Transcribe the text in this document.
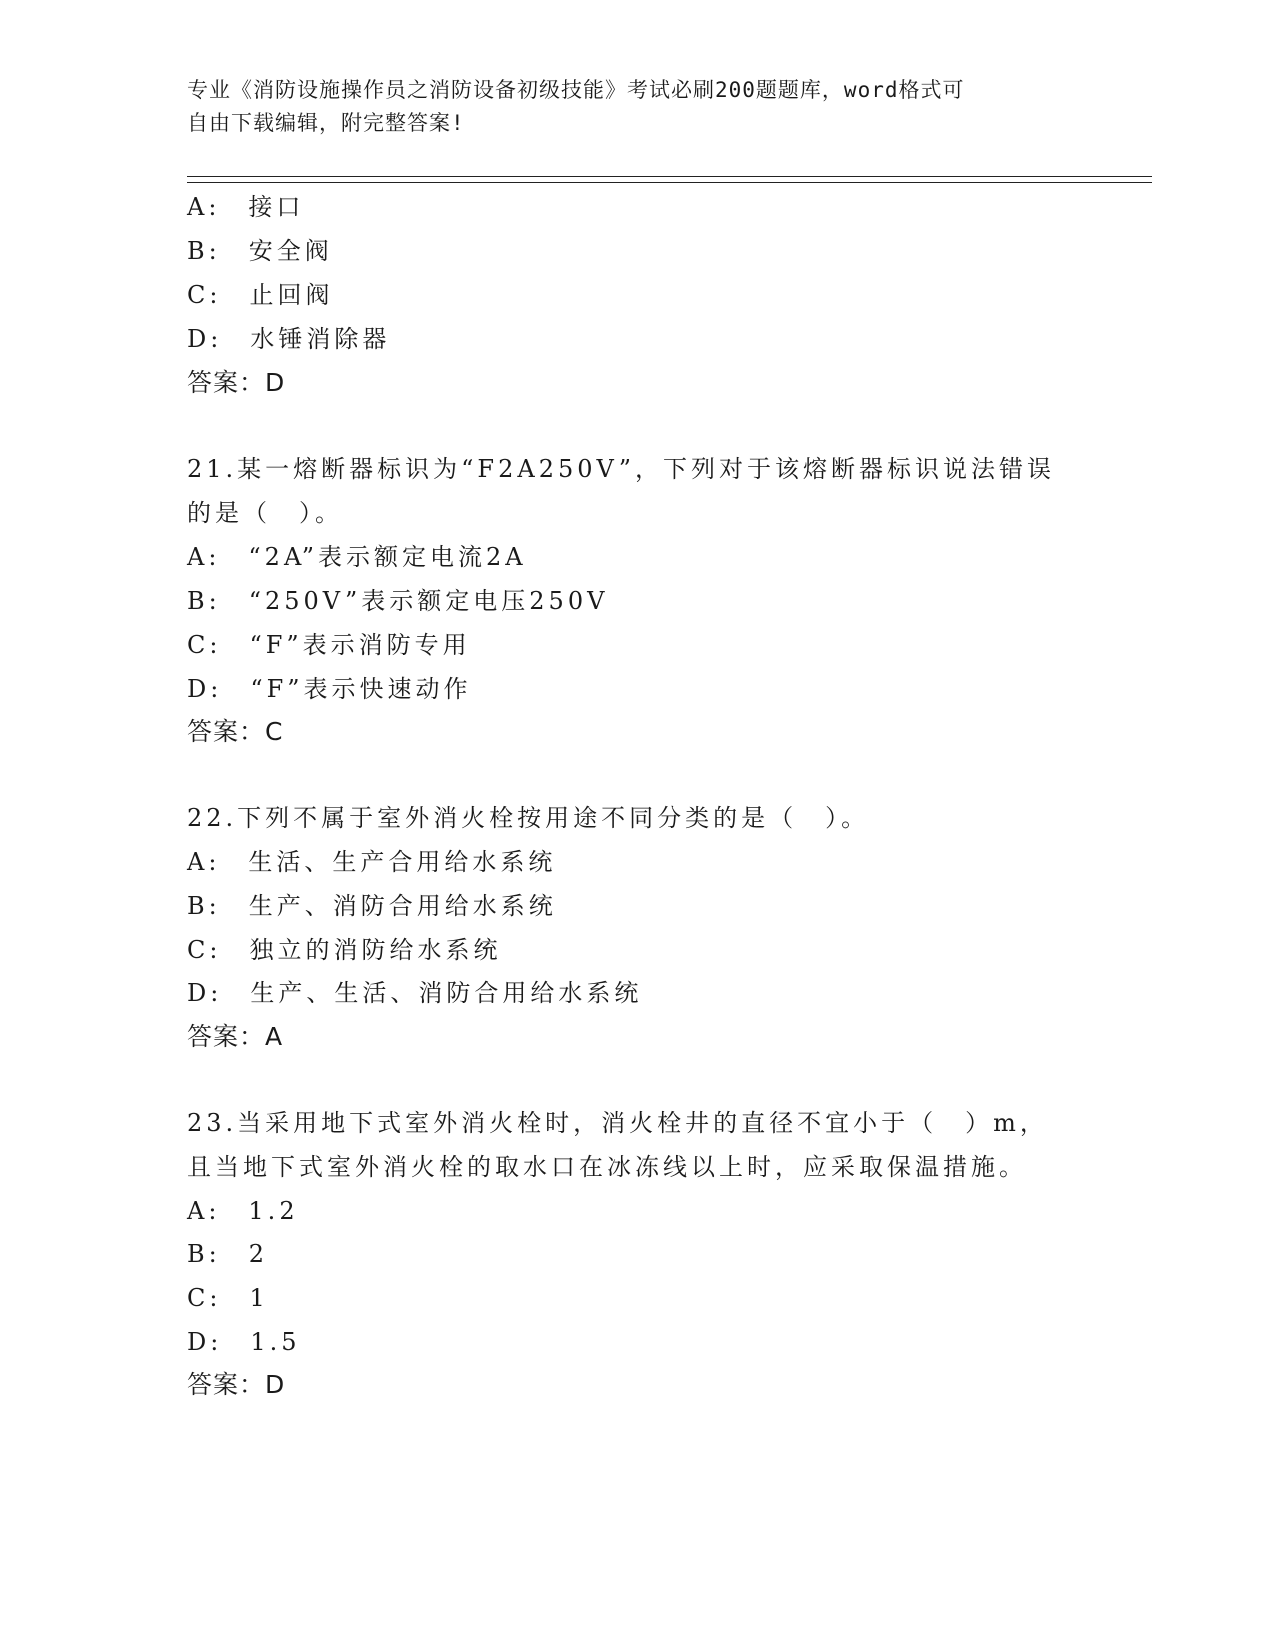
专业《消防设施操作员之消防设备初级技能》考试必刷200题题库，word格式可
自由下载编辑，附完整答案!
A:　接口
B:　安全阀
C:　止回阀
D:　水锤消除器
答案：D
21.某一熔断器标识为“F2A250V”，下列对于该熔断器标识说法错误
的是（　）。
A:　“2A”表示额定电流2A
B:　“250V”表示额定电压250V
C:　“F”表示消防专用
D:　“F”表示快速动作
答案：C
22.下列不属于室外消火栓按用途不同分类的是（　）。
A:　生活、生产合用给水系统
B:　生产、消防合用给水系统
C:　独立的消防给水系统
D:　生产、生活、消防合用给水系统
答案：A
23.当采用地下式室外消火栓时，消火栓井的直径不宜小于（　）m，
且当地下式室外消火栓的取水口在冰冻线以上时，应采取保温措施。
A:　1.2
B:　2
C:　1
D:　1.5
答案：D
